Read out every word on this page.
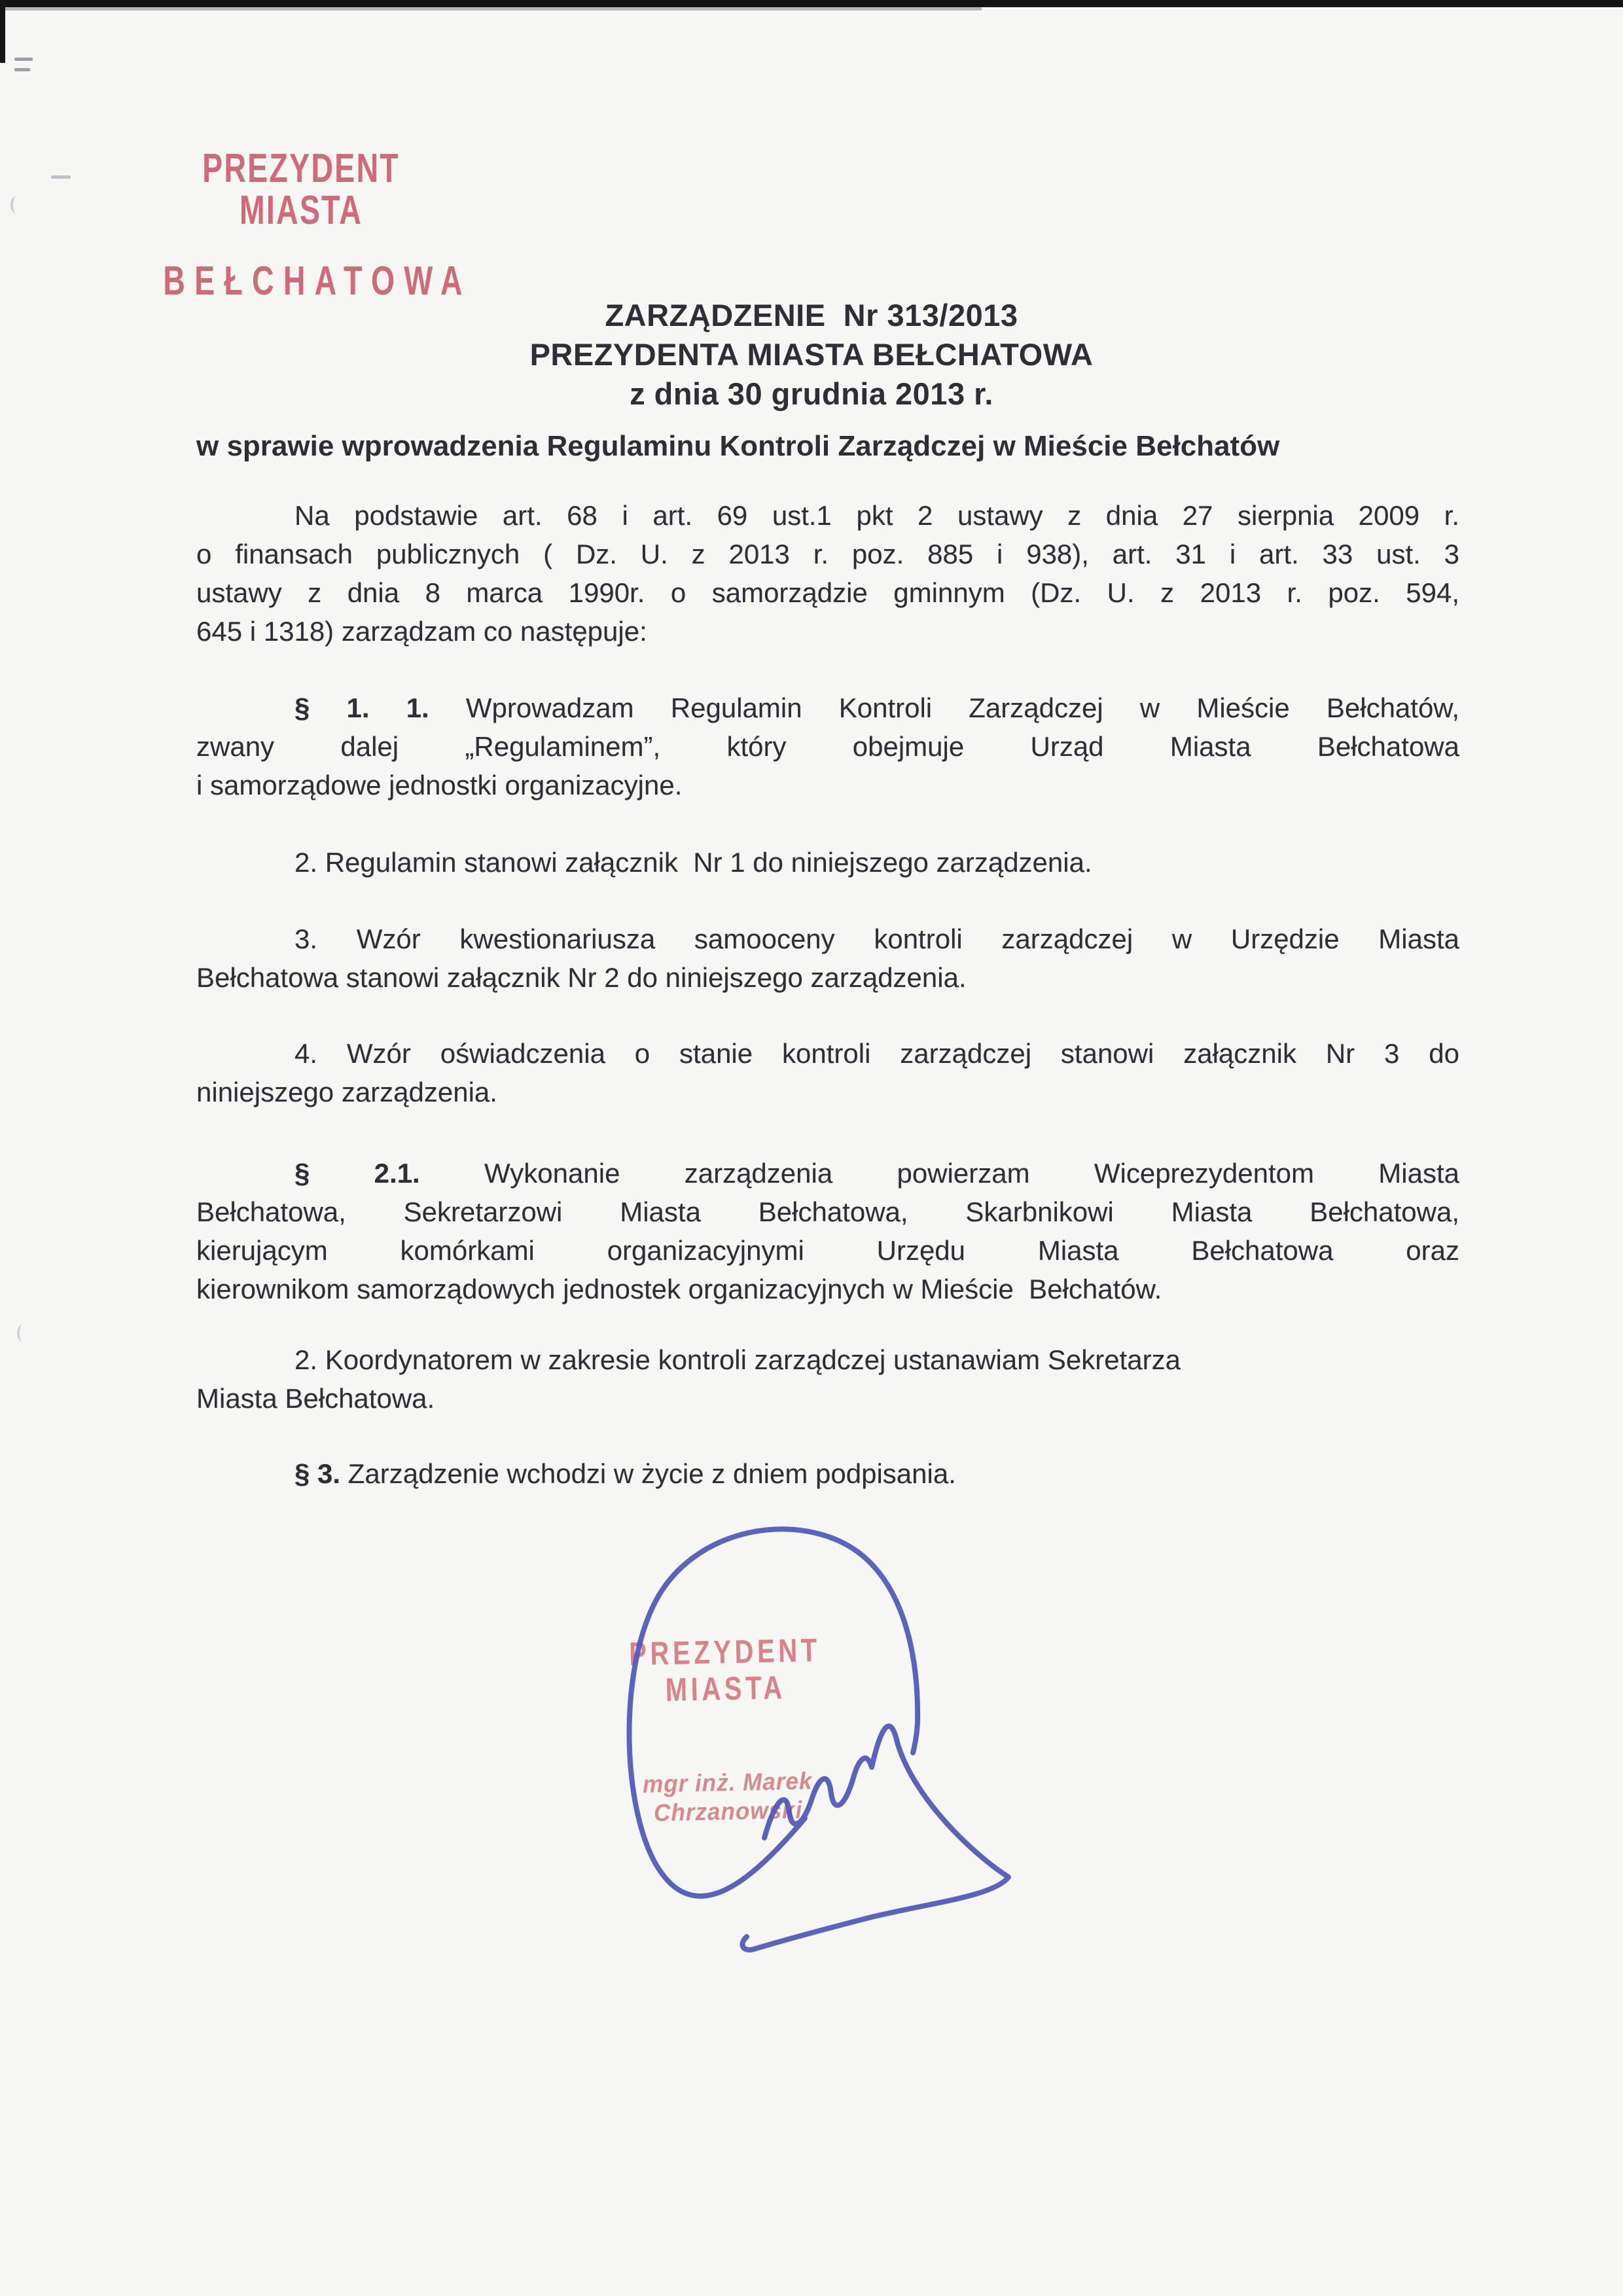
PREZYDENT MIASTA
BEŁCHATOWA
ZARZĄDZENIE  Nr 313/2013
PREZYDENTA MIASTA BEŁCHATOWA
z dnia 30 grudnia 2013 r.
w sprawie wprowadzenia Regulaminu Kontroli Zarządczej w Mieście Bełchatów
Na podstawie art. 68 i art. 69 ust.1 pkt 2 ustawy z dnia 27 sierpnia 2009 r.
o finansach publicznych ( Dz. U. z 2013 r. poz. 885 i 938), art. 31 i art. 33 ust. 3
ustawy z dnia 8 marca 1990r. o samorządzie gminnym (Dz. U. z 2013 r. poz. 594,
645 i 1318) zarządzam co następuje:
§ 1. 1. Wprowadzam Regulamin Kontroli Zarządczej w Mieście Bełchatów,
zwany dalej „Regulaminem”, który obejmuje Urząd Miasta Bełchatowa
i samorządowe jednostki organizacyjne.
2. Regulamin stanowi załącznik  Nr 1 do niniejszego zarządzenia.
3. Wzór kwestionariusza samooceny kontroli zarządczej w Urzędzie Miasta
Bełchatowa stanowi załącznik Nr 2 do niniejszego zarządzenia.
4. Wzór oświadczenia o stanie kontroli zarządczej stanowi załącznik Nr 3 do
niniejszego zarządzenia.
§ 2.1. Wykonanie zarządzenia powierzam Wiceprezydentom Miasta
Bełchatowa, Sekretarzowi Miasta Bełchatowa, Skarbnikowi Miasta Bełchatowa,
kierującym komórkami organizacyjnymi Urzędu Miasta Bełchatowa oraz
kierownikom samorządowych jednostek organizacyjnych w Mieście  Bełchatów.
2. Koordynatorem w zakresie kontroli zarządczej ustanawiam Sekretarza
Miasta Bełchatowa.
§ 3. Zarządzenie wchodzi w życie z dniem podpisania.
PREZYDENT MIASTA
mgr inż. Marek Chrzanowski
